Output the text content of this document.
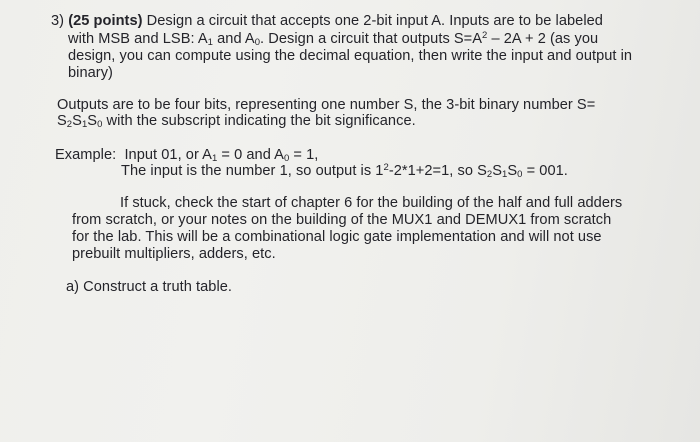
3) (25 points) Design a circuit that accepts one 2-bit input A. Inputs are to be labeled
with MSB and LSB: $A_1$ and $A_0$. Design a circuit that outputs $S=A^2 - 2A + 2$ (as you
design, you can compute using the decimal equation, then write the input and output in
binary)
Outputs are to be four bits, representing one number S, the 3-bit binary number S=
$S_2S_1S_0$ with the subscript indicating the bit significance.
Example: Input 01, or $A_1 = 0$ and $A_0 = 1$,
The input is the number 1, so output is $1^2-2*1+2=1$, so $S_2S_1S_0 = 001$.
If stuck, check the start of chapter 6 for the building of the half and full adders
from scratch, or your notes on the building of the MUX1 and DEMUX1 from scratch
for the lab. This will be a combinational logic gate implementation and will not use
prebuilt multipliers, adders, etc.
a) Construct a truth table.
